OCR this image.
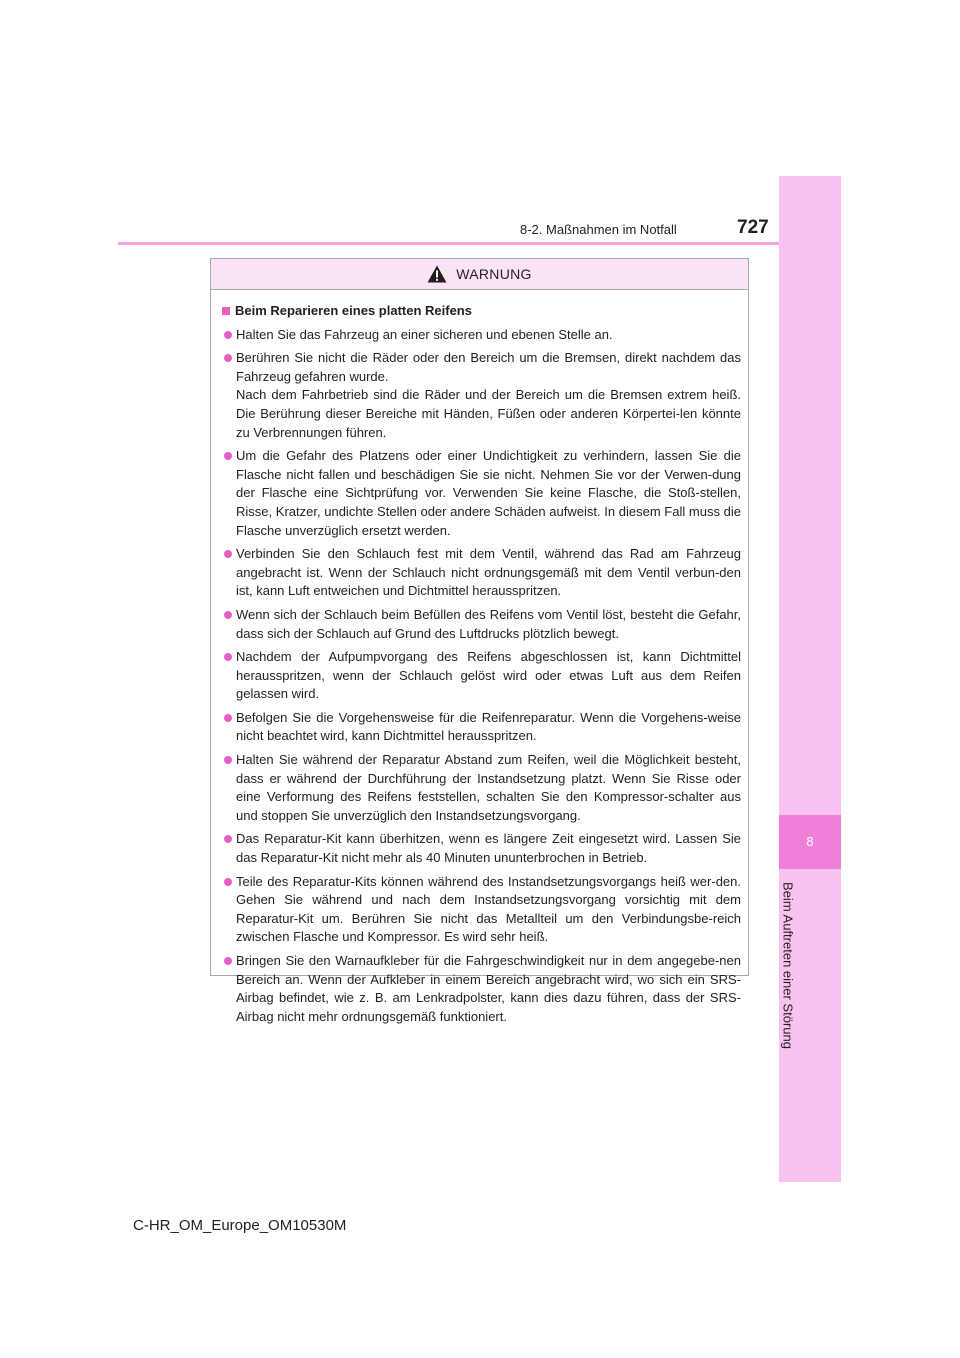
8
Beim Auftreten einer Störung
8-2. Maßnahmen im Notfall	727
WARNUNG
Beim Reparieren eines platten Reifens

Halten Sie das Fahrzeug an einer sicheren und ebenen Stelle an.

Berühren Sie nicht die Räder oder den Bereich um die Bremsen, direkt nachdem das Fahrzeug gefahren wurde.

Nach dem Fahrbetrieb sind die Räder und der Bereich um die Bremsen extrem heiß. Die Berührung dieser Bereiche mit Händen, Füßen oder anderen Körpertei-len könnte zu Verbrennungen führen.

Um die Gefahr des Platzens oder einer Undichtigkeit zu verhindern, lassen Sie die Flasche nicht fallen und beschädigen Sie sie nicht. Nehmen Sie vor der Verwen-dung der Flasche eine Sichtprüfung vor. Verwenden Sie keine Flasche, die Stoß-stellen, Risse, Kratzer, undichte Stellen oder andere Schäden aufweist. In diesem Fall muss die Flasche unverzüglich ersetzt werden.

Verbinden Sie den Schlauch fest mit dem Ventil, während das Rad am Fahrzeug angebracht ist. Wenn der Schlauch nicht ordnungsgemäß mit dem Ventil verbun-den ist, kann Luft entweichen und Dichtmittel herausspritzen.

Wenn sich der Schlauch beim Befüllen des Reifens vom Ventil löst, besteht die Gefahr, dass sich der Schlauch auf Grund des Luftdrucks plötzlich bewegt.

Nachdem der Aufpumpvorgang des Reifens abgeschlossen ist, kann Dichtmittel herausspritzen, wenn der Schlauch gelöst wird oder etwas Luft aus dem Reifen gelassen wird.

Befolgen Sie die Vorgehensweise für die Reifenreparatur. Wenn die Vorgehens-weise nicht beachtet wird, kann Dichtmittel herausspritzen.

Halten Sie während der Reparatur Abstand zum Reifen, weil die Möglichkeit besteht, dass er während der Durchführung der Instandsetzung platzt. Wenn Sie Risse oder eine Verformung des Reifens feststellen, schalten Sie den Kompressor-schalter aus und stoppen Sie unverzüglich den Instandsetzungsvorgang.

Das Reparatur-Kit kann überhitzen, wenn es längere Zeit eingesetzt wird. Lassen Sie das Reparatur-Kit nicht mehr als 40 Minuten ununterbrochen in Betrieb.

Teile des Reparatur-Kits können während des Instandsetzungsvorgangs heiß wer-den. Gehen Sie während und nach dem Instandsetzungsvorgang vorsichtig mit dem Reparatur-Kit um. Berühren Sie nicht das Metallteil um den Verbindungsbe-reich zwischen Flasche und Kompressor. Es wird sehr heiß.

Bringen Sie den Warnaufkleber für die Fahrgeschwindigkeit nur in dem angegebe-nen Bereich an. Wenn der Aufkleber in einem Bereich angebracht wird, wo sich ein SRS-Airbag befindet, wie z. B. am Lenkradpolster, kann dies dazu führen, dass der SRS-Airbag nicht mehr ordnungsgemäß funktioniert.

C-HR_OM_Europe_OM10530M
